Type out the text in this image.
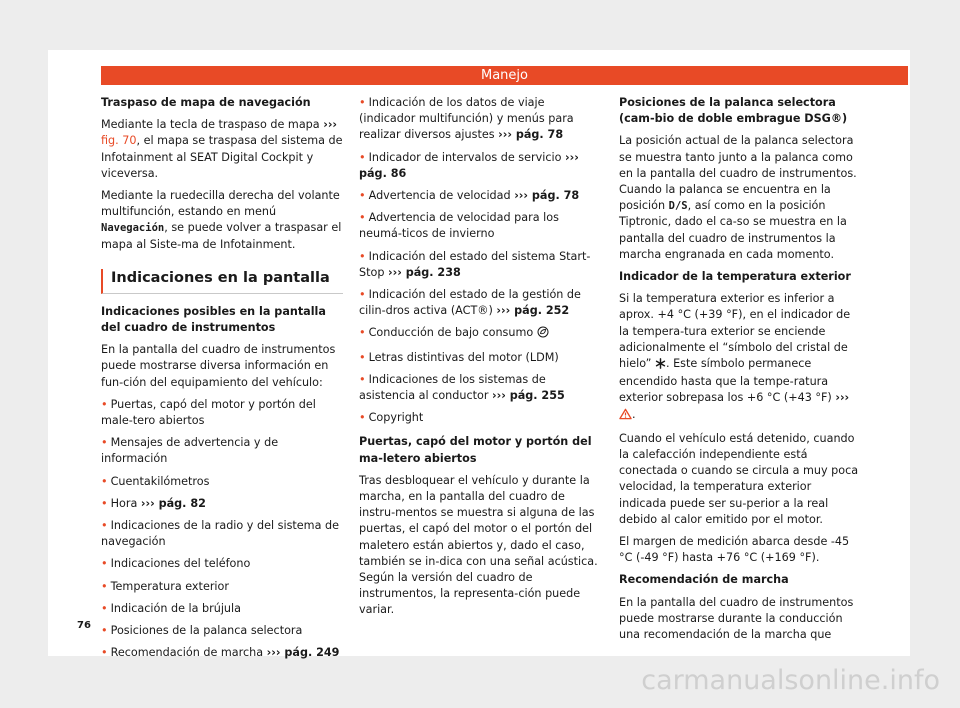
Manejo

Traspaso de mapa de navegación

Mediante la tecla de traspaso de mapa ››› fig. 70, el mapa se traspasa del sistema de Infotainment al SEAT Digital Cockpit y viceversa.

Mediante la ruedecilla derecha del volante multifunción, estando en menú Navegación, se puede volver a traspasar el mapa al Siste-ma de Infotainment.

Indicaciones en la pantalla

Indicaciones posibles en la pantalla del cuadro de instrumentos

En la pantalla del cuadro de instrumentos puede mostrarse diversa información en fun-ción del equipamiento del vehículo:

• Puertas, capó del motor y portón del male-tero abiertos

• Mensajes de advertencia y de información

• Cuentakilómetros

• Hora ››› pág. 82

• Indicaciones de la radio y del sistema de navegación

• Indicaciones del teléfono

• Temperatura exterior

• Indicación de la brújula

• Posiciones de la palanca selectora

• Recomendación de marcha ››› pág. 249

• Indicación de los datos de viaje (indicador multifunción) y menús para realizar diversos ajustes ››› pág. 78

• Indicador de intervalos de servicio ››› pág. 86

• Advertencia de velocidad ››› pág. 78

• Advertencia de velocidad para los neumá-ticos de invierno

• Indicación del estado del sistema Start-Stop ››› pág. 238

• Indicación del estado de la gestión de cilin-dros activa (ACT®) ››› pág. 252

• Conducción de bajo consumo

• Letras distintivas del motor (LDM)

• Indicaciones de los sistemas de asistencia al conductor ››› pág. 255

• Copyright

Puertas, capó del motor y portón del ma-letero abiertos

Tras desbloquear el vehículo y durante la marcha, en la pantalla del cuadro de instru-mentos se muestra si alguna de las puertas, el capó del motor o el portón del maletero están abiertos y, dado el caso, también se in-dica con una señal acústica. Según la versión del cuadro de instrumentos, la representa-ción puede variar.

Posiciones de la palanca selectora (cam-bio de doble embrague DSG®)

La posición actual de la palanca selectora se muestra tanto junto a la palanca como en la pantalla del cuadro de instrumentos. Cuando la palanca se encuentra en la posición D/S, así como en la posición Tiptronic, dado el ca-so se muestra en la pantalla del cuadro de instrumentos la marcha engranada en cada momento.

Indicador de la temperatura exterior

Si la temperatura exterior es inferior a aprox. +4 °C (+39 °F), en el indicador de la tempera-tura exterior se enciende adicionalmente el “símbolo del cristal de hielo” . Este símbolo permanece encendido hasta que la tempe-ratura exterior sobrepasa los +6 °C (+43 °F) ››› .

Cuando el vehículo está detenido, cuando la calefacción independiente está conectada o cuando se circula a muy poca velocidad, la temperatura exterior indicada puede ser su-perior a la real debido al calor emitido por el motor.

El margen de medición abarca desde -45 °C (-49 °F) hasta +76 °C (+169 °F).

Recomendación de marcha

En la pantalla del cuadro de instrumentos puede mostrarse durante la conducción una recomendación de la marcha que

76
carmanualsonline.info
